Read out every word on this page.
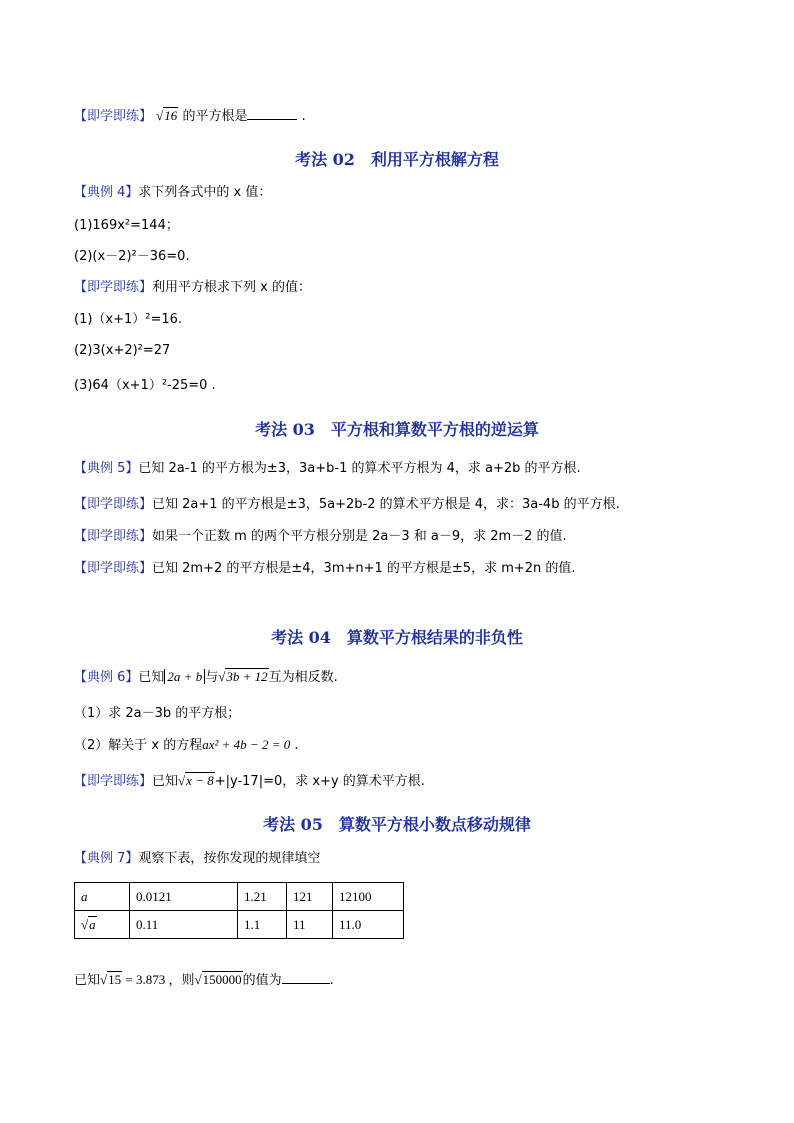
【即学即练】 √16 的平方根是	.
考法 02　利用平方根解方程
【典例 4】求下列各式中的 x 值：
(1)169x²=144；
(2)(x－2)²－36=0.
【即学即练】利用平方根求下列 x 的值：
(1)（x+1）²=16.
(2)3(x+2)²=27
(3)64（x+1）²-25=0 .
考法 03　平方根和算数平方根的逆运算
【典例 5】已知 2a-1 的平方根为±3，3a+b-1 的算术平方根为 4，求 a+2b 的平方根.
【即学即练】已知 2a+1 的平方根是±3，5a+2b-2 的算术平方根是 4，求：3a-4b 的平方根.
【即学即练】如果一个正数 m 的两个平方根分别是 2a－3 和 a－9，求 2m－2 的值.
【即学即练】已知 2m+2 的平方根是±4，3m+n+1 的平方根是±5，求 m+2n 的值.
考法 04　算数平方根结果的非负性
【典例 6】已知 2a + b 与√3b + 12互为相反数.
（1）求 2a－3b 的平方根；
（2）解关于 x 的方程ax² + 4b − 2 = 0 .
【即学即练】已知√x − 8+|y-17|=0，求 x+y 的算术平方根.
考法 05　算数平方根小数点移动规律
【典例 7】观察下表，按你发现的规律填空
a	0.0121	1.21	121	12100
√a	0.11	1.1	11	11.0
已知√15 = 3.873 ，则√150000的值为	.
